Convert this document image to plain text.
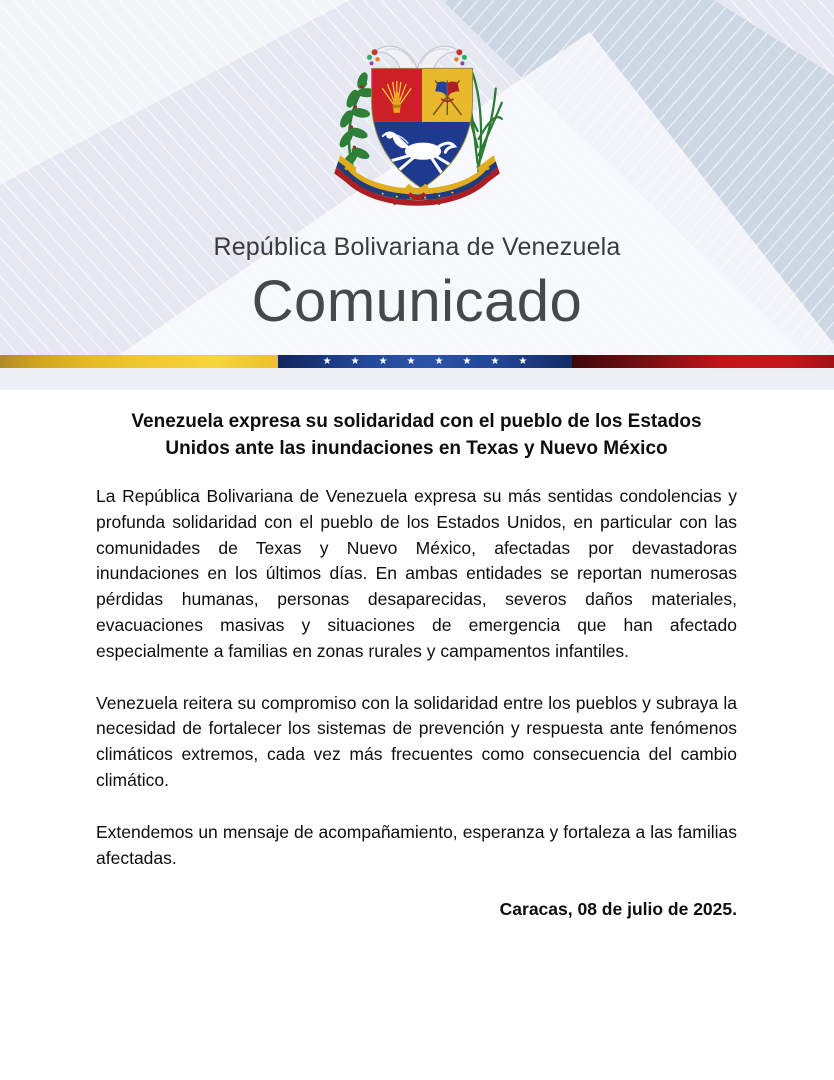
República Bolivariana de Venezuela
Comunicado
★ ★ ★ ★ ★ ★ ★ ★
Venezuela expresa su solidaridad con el pueblo de los Estados
Unidos ante las inundaciones en Texas y Nuevo México

La República Bolivariana de Venezuela expresa su más sentidas condolencias y profunda solidaridad con el pueblo de los Estados Unidos, en particular con las comunidades de Texas y Nuevo México, afectadas por devastadoras inundaciones en los últimos días. En ambas entidades se reportan numerosas pérdidas humanas, personas desaparecidas, severos daños materiales, evacuaciones masivas y situaciones de emergencia que han afectado especialmente a familias en zonas rurales y campamentos infantiles.

Venezuela reitera su compromiso con la solidaridad entre los pueblos y subraya la necesidad de fortalecer los sistemas de prevención y respuesta ante fenómenos climáticos extremos, cada vez más frecuentes como consecuencia del cambio climático.

Extendemos un mensaje de acompañamiento, esperanza y fortaleza a las familias afectadas.

Caracas, 08 de julio de 2025.
